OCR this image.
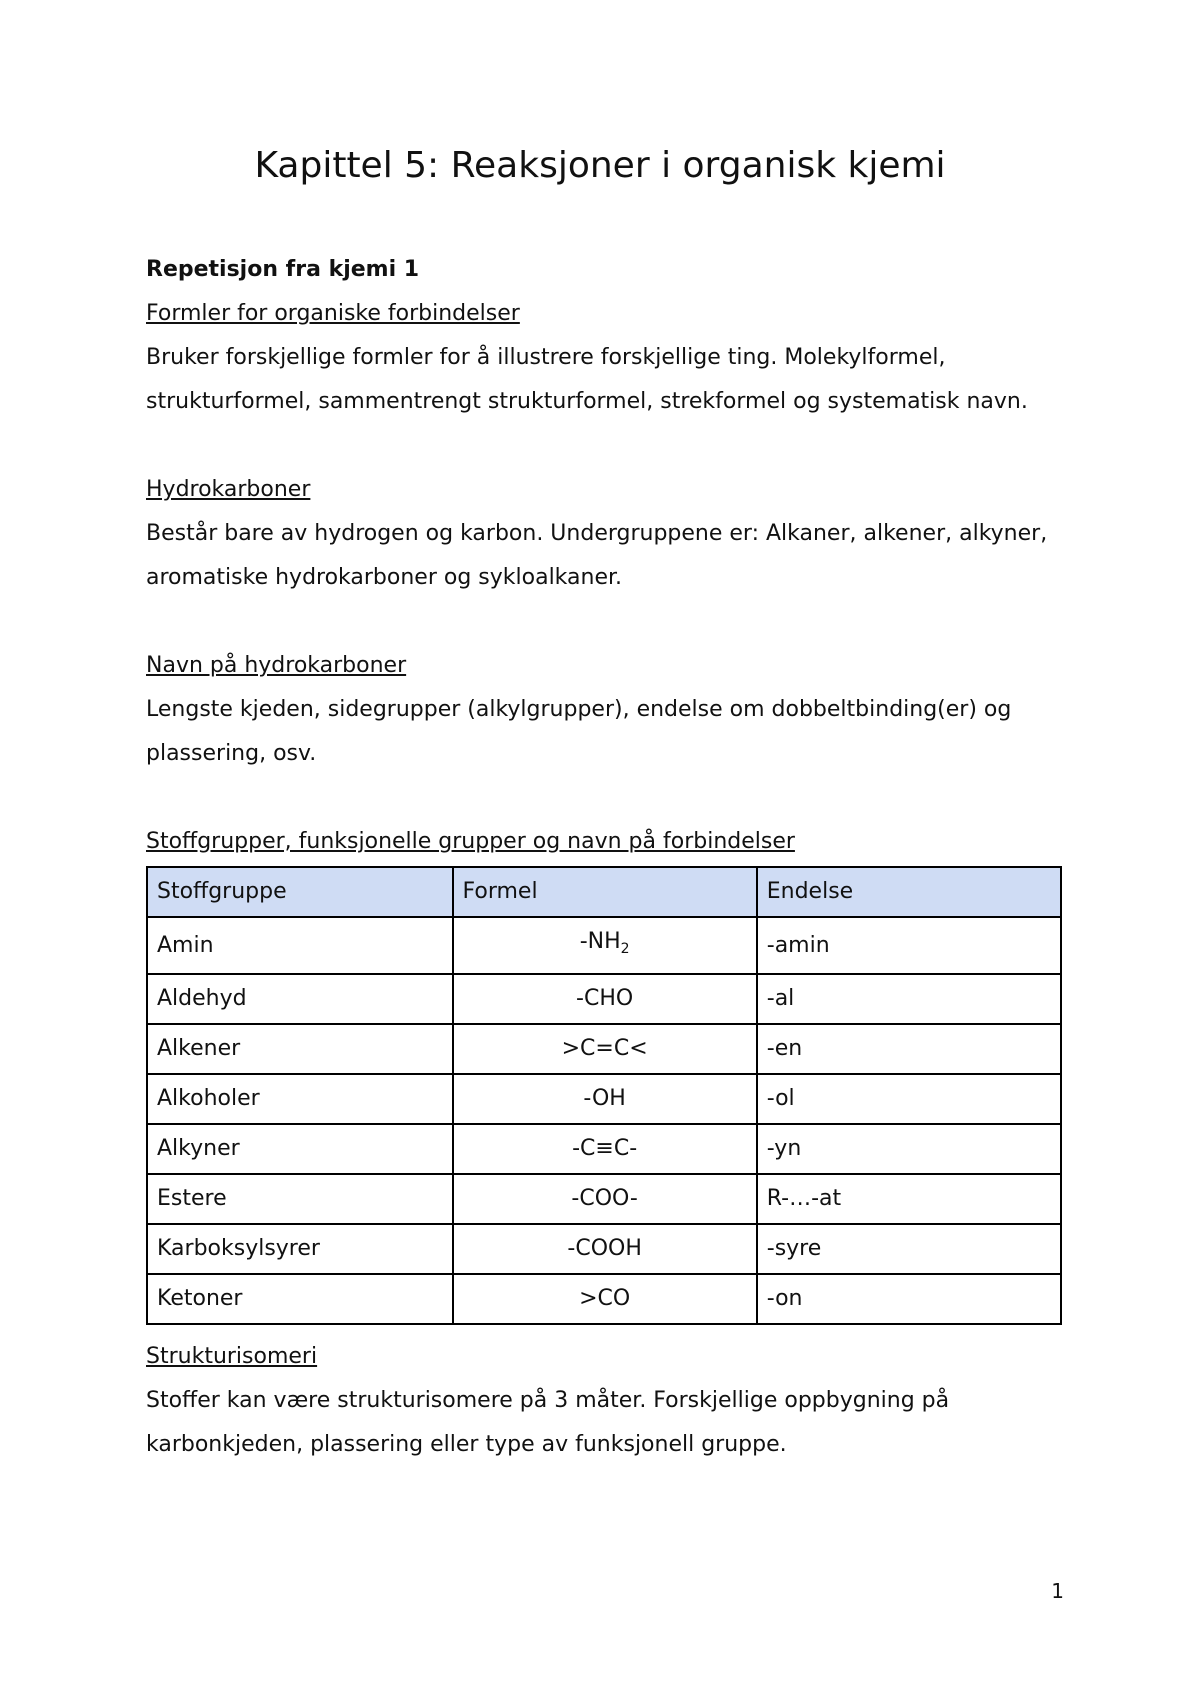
Kapittel 5: Reaksjoner i organisk kjemi

Repetisjon fra kjemi 1

Formler for organiske forbindelser

Bruker forskjellige formler for å illustrere forskjellige ting. Molekylformel, strukturformel, sammentrengt strukturformel, strekformel og systematisk navn.

Hydrokarboner

Består bare av hydrogen og karbon. Undergruppene er: Alkaner, alkener, alkyner, aromatiske hydrokarboner og sykloalkaner.

Navn på hydrokarboner

Lengste kjeden, sidegrupper (alkylgrupper), endelse om dobbeltbinding(er) og plassering, osv.

Stoffgrupper, funksjonelle grupper og navn på forbindelser

Stoffgruppe	Formel	Endelse
Amin	$-NH_2$	-amin
Aldehyd	-CHO	-al
Alkener	>C=C<	-en
Alkoholer	-OH	-ol
Alkyner	-C≡C-	-yn
Estere	-COO-	R-…-at
Karboksylsyrer	-COOH	-syre
Ketoner	>CO	-on

Strukturisomeri

Stoffer kan være strukturisomere på 3 måter. Forskjellige oppbygning på karbonkjeden, plassering eller type av funksjonell gruppe.

1
